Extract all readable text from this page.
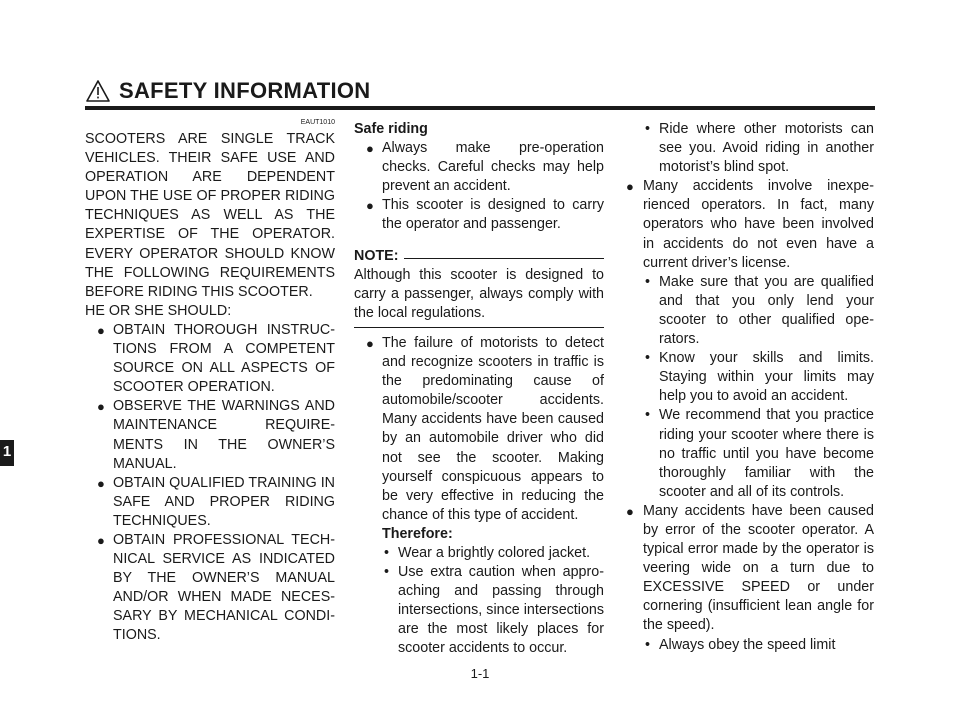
SAFETY INFORMATION
1
EAUT1010
SCOOTERS ARE SINGLE TRACK VEHICLES. THEIR SAFE USE AND OPERATION ARE DEPENDENT UPON THE USE OF PROPER RIDING TECHNIQUES AS WELL AS THE EXPERTISE OF THE OPERATOR. EVERY OPERATOR SHOULD KNOW THE FOLLOWING REQUIREMENTS BEFORE RIDING THIS SCOOTER.
HE OR SHE SHOULD:
● OBTAIN THOROUGH INSTRUCTIONS FROM A COMPETENT SOURCE ON ALL ASPECTS OF SCOOTER OPERATION.
● OBSERVE THE WARNINGS AND MAINTENANCE REQUIREMENTS IN THE OWNER’S MANUAL.
● OBTAIN QUALIFIED TRAINING IN SAFE AND PROPER RIDING TECHNIQUES.
● OBTAIN PROFESSIONAL TECHNICAL SERVICE AS INDICATED BY THE OWNER’S MANUAL AND/OR WHEN MADE NECESSARY BY MECHANICAL CONDITIONS.
Safe riding
● Always make pre-operation checks. Careful checks may help prevent an accident.
● This scooter is designed to carry the operator and passenger.
NOTE:
Although this scooter is designed to carry a passenger, always comply with the local regulations.
● The failure of motorists to detect and recognize scooters in traffic is the predominating cause of automobile/scooter accidents. Many accidents have been caused by an automobile driver who did not see the scooter. Making yourself conspicuous appears to be very effective in reducing the chance of this type of accident.
Therefore:
• Wear a brightly colored jacket.
• Use extra caution when approaching and passing through intersections, since intersections are the most likely places for scooter accidents to occur.
• Ride where other motorists can see you. Avoid riding in another motorist’s blind spot.
● Many accidents involve inexperienced operators. In fact, many operators who have been involved in accidents do not even have a current driver’s license.
• Make sure that you are qualified and that you only lend your scooter to other qualified operators.
• Know your skills and limits. Staying within your limits may help you to avoid an accident.
• We recommend that you practice riding your scooter where there is no traffic until you have become thoroughly familiar with the scooter and all of its controls.
● Many accidents have been caused by error of the scooter operator. A typical error made by the operator is veering wide on a turn due to EXCESSIVE SPEED or under cornering (insufficient lean angle for the speed).
• Always obey the speed limit
1-1
